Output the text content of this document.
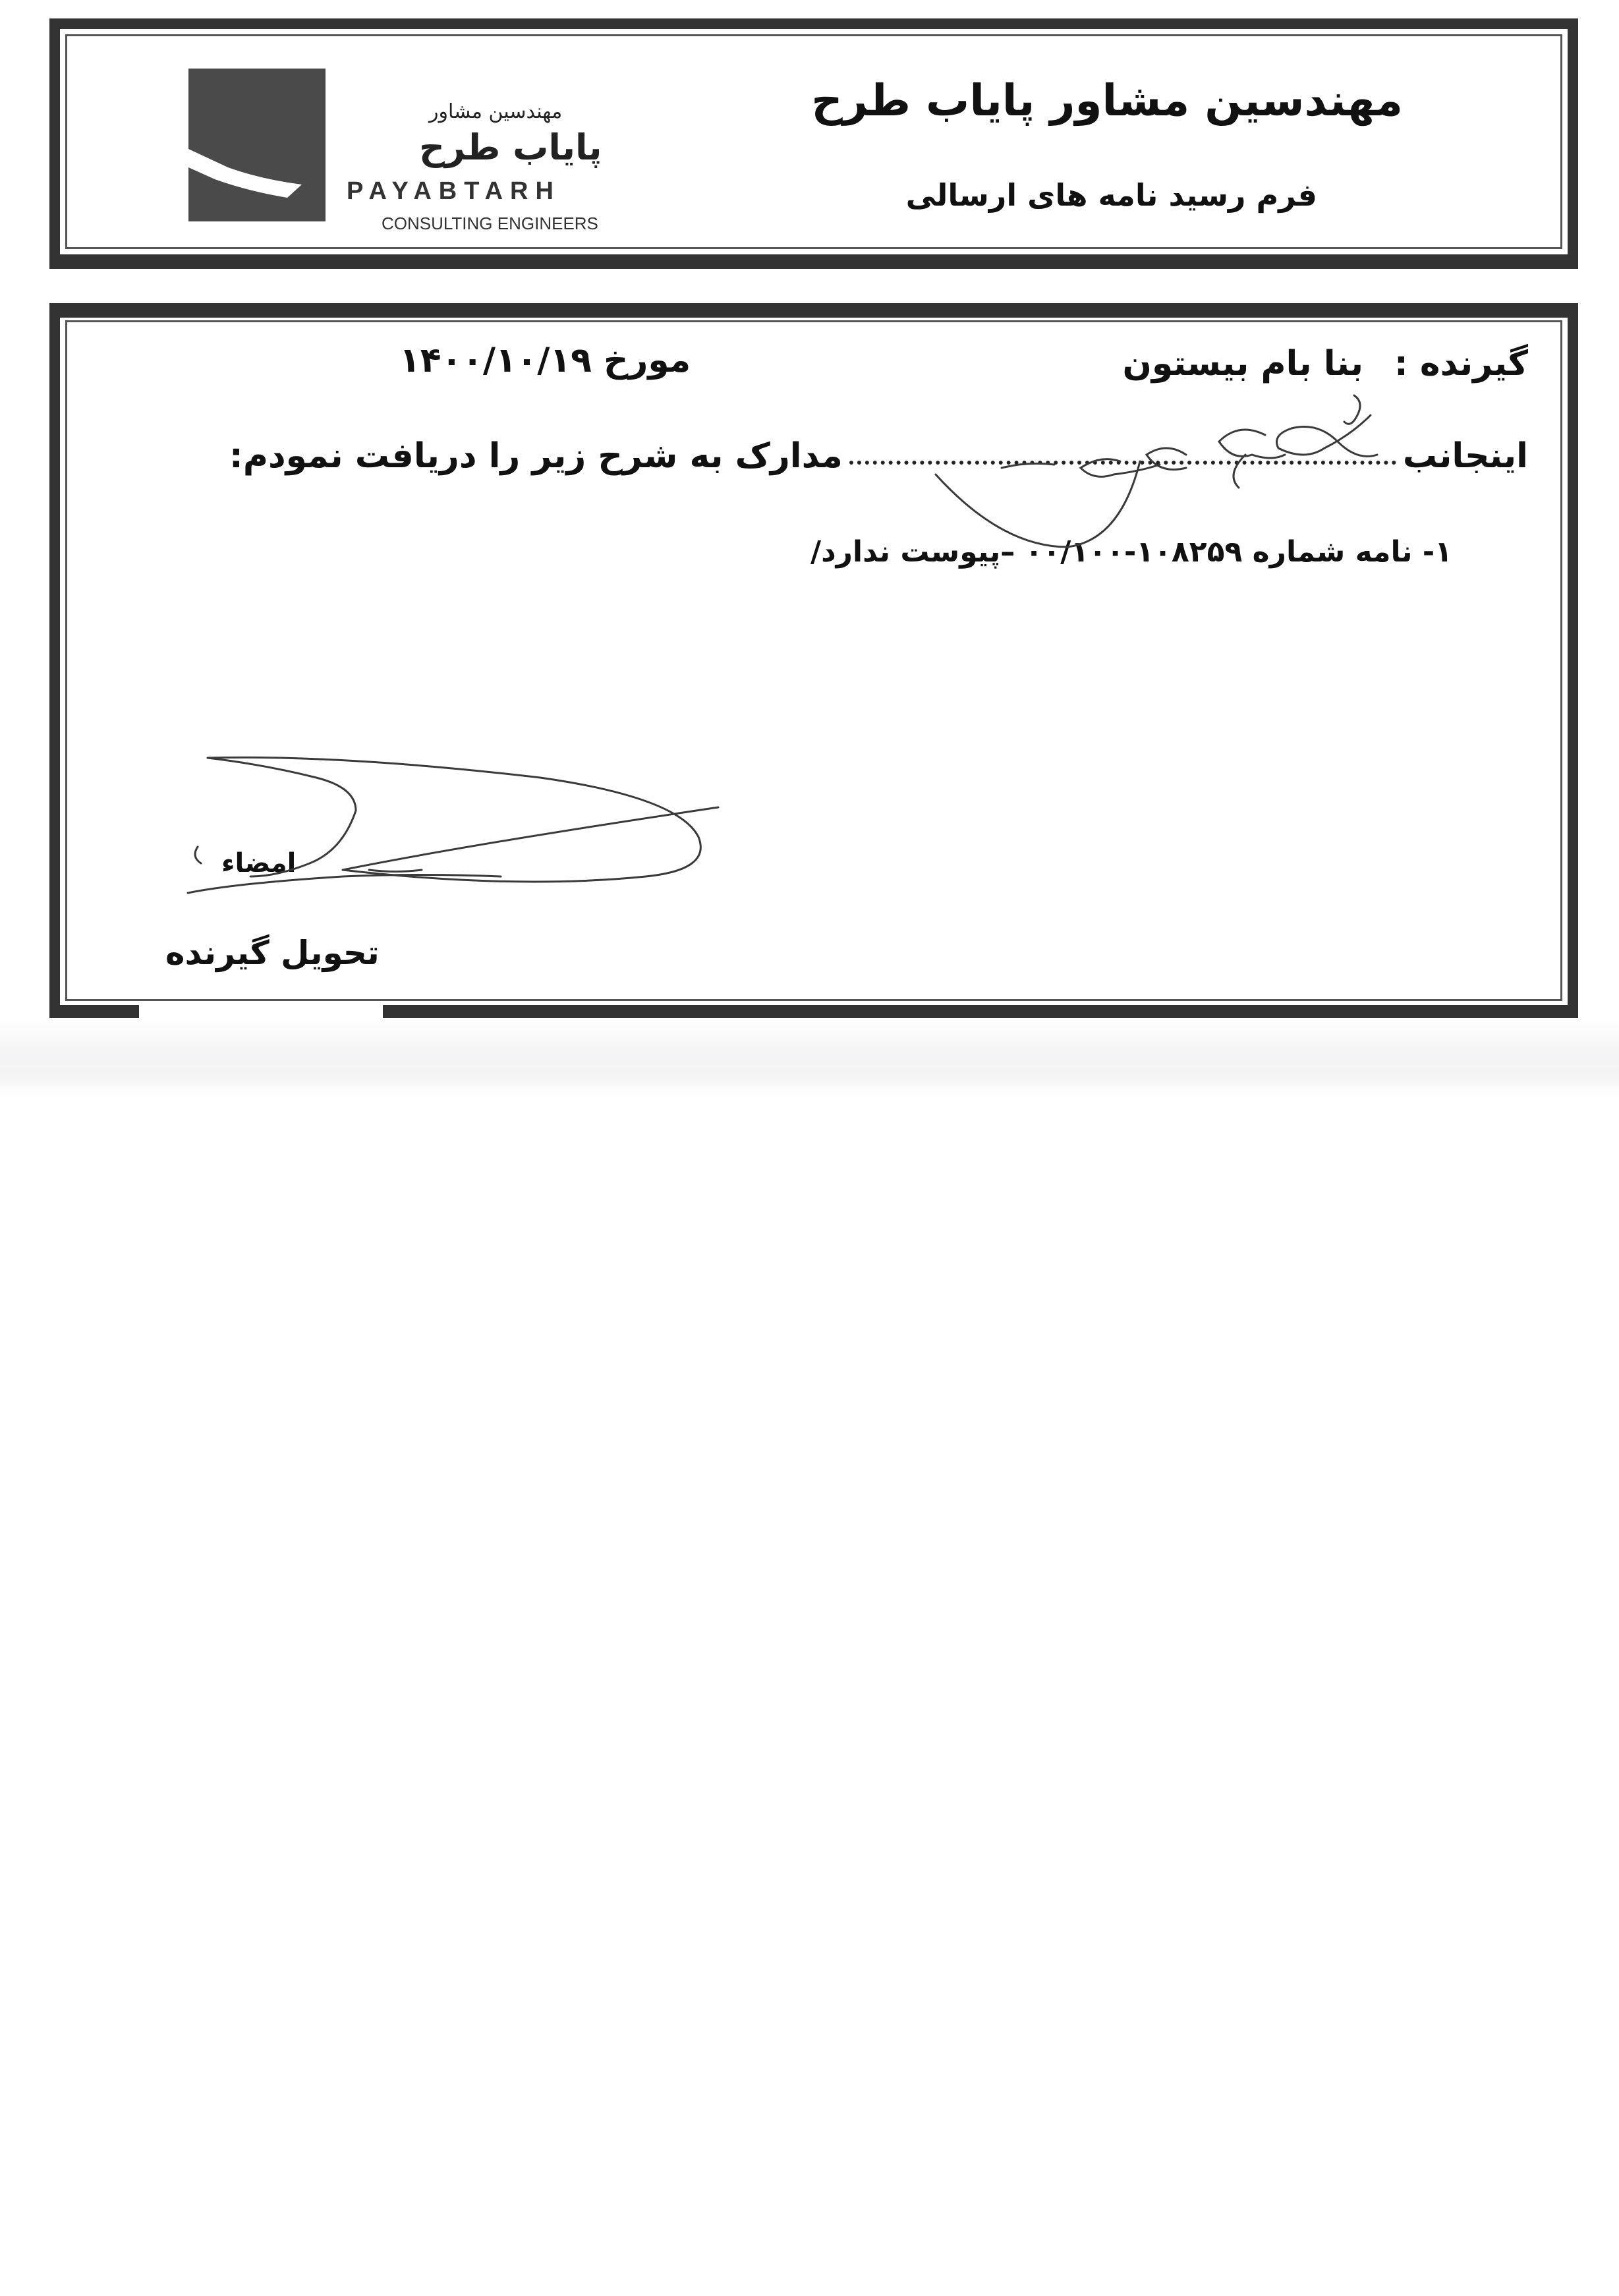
مهندسین مشاور پایاب طرح
فرم رسید نامه های ارسالی
مهندسین مشاور
پایاب طرح
PAYABTARH
CONSULTING ENGINEERS
گیرنده :
بنا بام بیستون
مورخ ۱۴۰۰/۱۰/۱۹
اینجانبمدارک به شرح زیر را دریافت نمودم:
۱- نامه شماره ۱۰۸۲۵۹-۰۰/۱۰۰ –پیوست ندارد/
امضاء
تحویل گیرنده
